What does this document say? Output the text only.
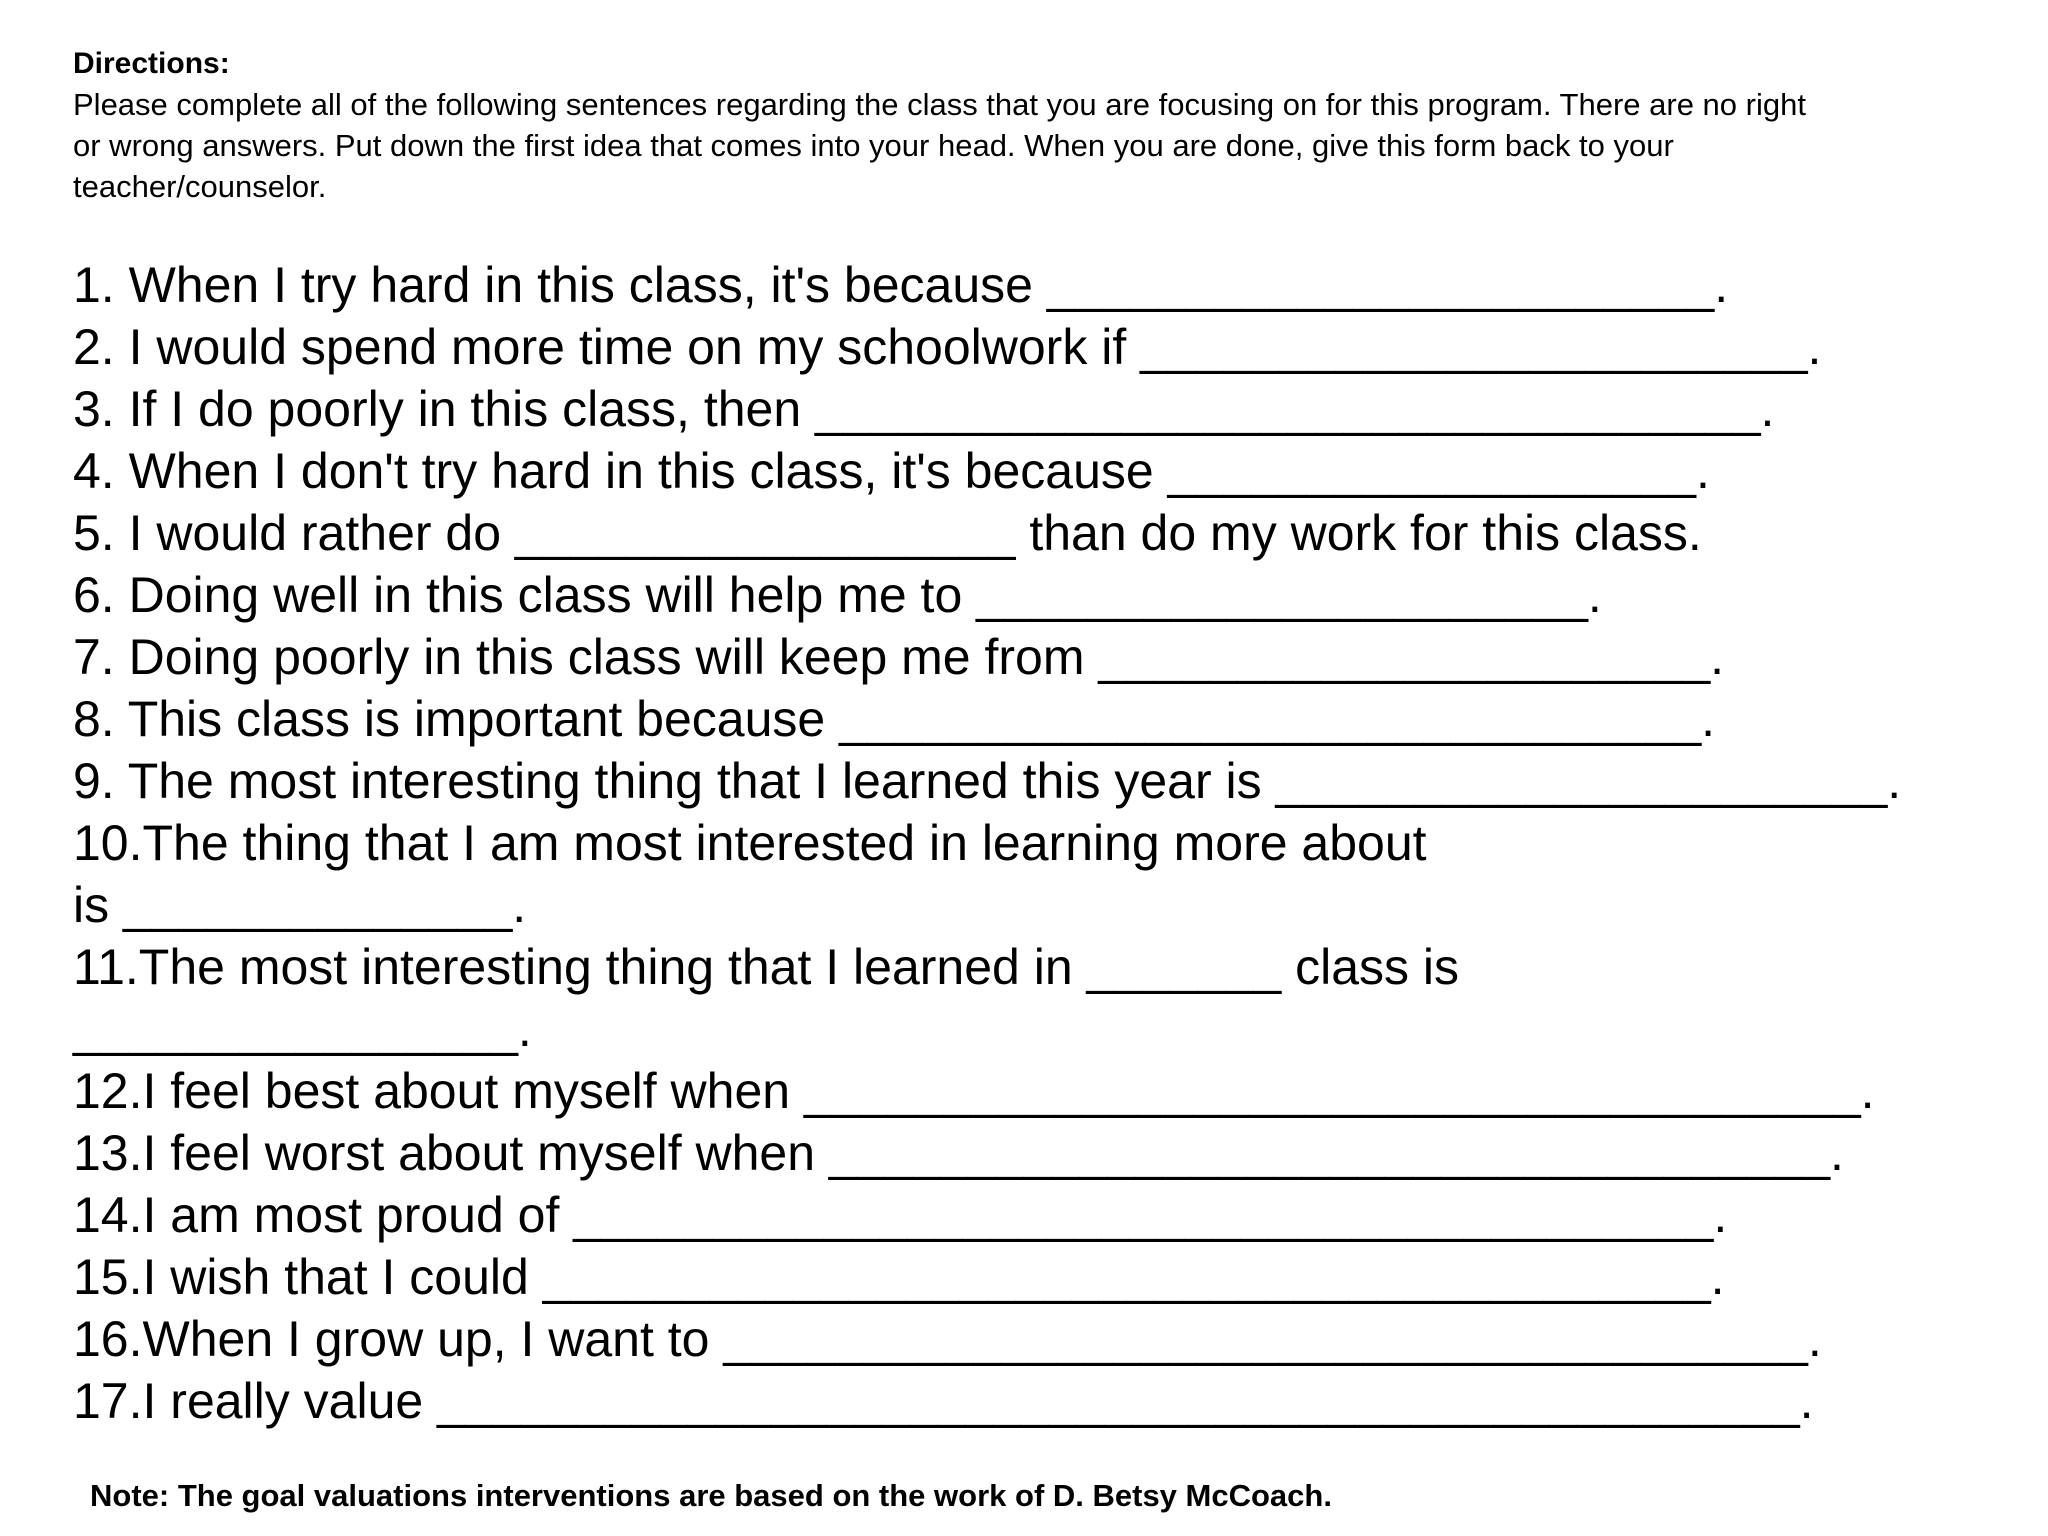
Directions:
Please complete all of the following sentences regarding the class that you are focusing on for this program. There are no right
or wrong answers. Put down the first idea that comes into your head. When you are done, give this form back to your
teacher/counselor.
1. When I try hard in this class, it's because ________________________.
2. I would spend more time on my schoolwork if ________________________.
3. If I do poorly in this class, then __________________________________.
4. When I don't try hard in this class, it's because ___________________.
5. I would rather do __________________ than do my work for this class.
6. Doing well in this class will help me to ______________________.
7. Doing poorly in this class will keep me from ______________________.
8. This class is important because _______________________________.
9. The most interesting thing that I learned this year is ______________________.
10.The thing that I am most interested in learning more about
is ______________.
11.The most interesting thing that I learned in _______ class is
________________.
12.I feel best about myself when ______________________________________.
13.I feel worst about myself when ____________________________________.
14.I am most proud of _________________________________________.
15.I wish that I could __________________________________________.
16.When I grow up, I want to _______________________________________.
17.I really value _________________________________________________.
Note: The goal valuations interventions are based on the work of D. Betsy McCoach.
